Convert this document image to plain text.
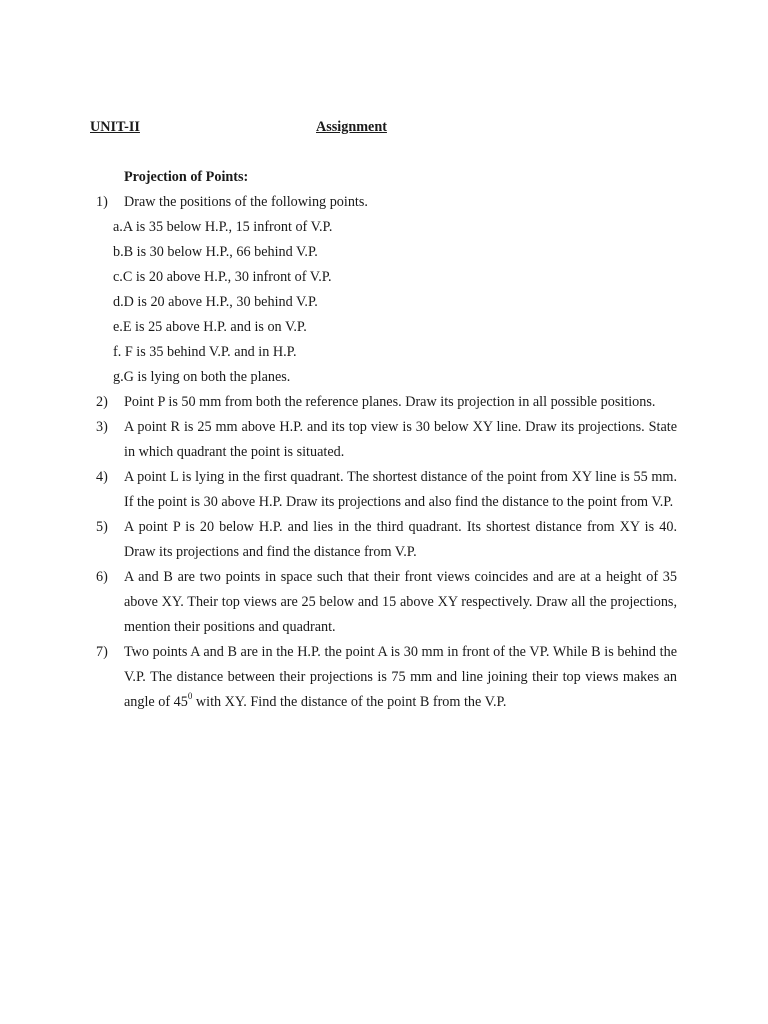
UNIT-II	Assignment
Projection of Points:
1) Draw the positions of the following points.
a.A is 35 below H.P., 15 infront of V.P.
b.B is 30 below H.P., 66 behind V.P.
c.C is 20 above H.P., 30 infront of V.P.
d.D is 20 above H.P., 30 behind V.P.
e.E is 25 above H.P. and is on V.P.
f. F is 35 behind V.P. and in H.P.
g.G is lying on both the planes.
2) Point P is 50 mm from both the reference planes. Draw its projection in all possible positions.
3) A point R is 25 mm above H.P. and its top view is 30 below XY line. Draw its projections. State in which quadrant the point is situated.
4) A point L is lying in the first quadrant. The shortest distance of the point from XY line is 55 mm. If the point is 30 above H.P. Draw its projections and also find the distance to the point from V.P.
5) A point P is 20 below H.P. and lies in the third quadrant. Its shortest distance from XY is 40. Draw its projections and find the distance from V.P.
6) A and B are two points in space such that their front views coincides and are at a height of 35 above XY. Their top views are 25 below and 15 above XY respectively. Draw all the projections, mention their positions and quadrant.
7) Two points A and B are in the H.P. the point A is 30 mm in front of the VP. While B is behind the V.P. The distance between their projections is 75 mm and line joining their top views makes an angle of $45^0$ with XY. Find the distance of the point B from the V.P.
